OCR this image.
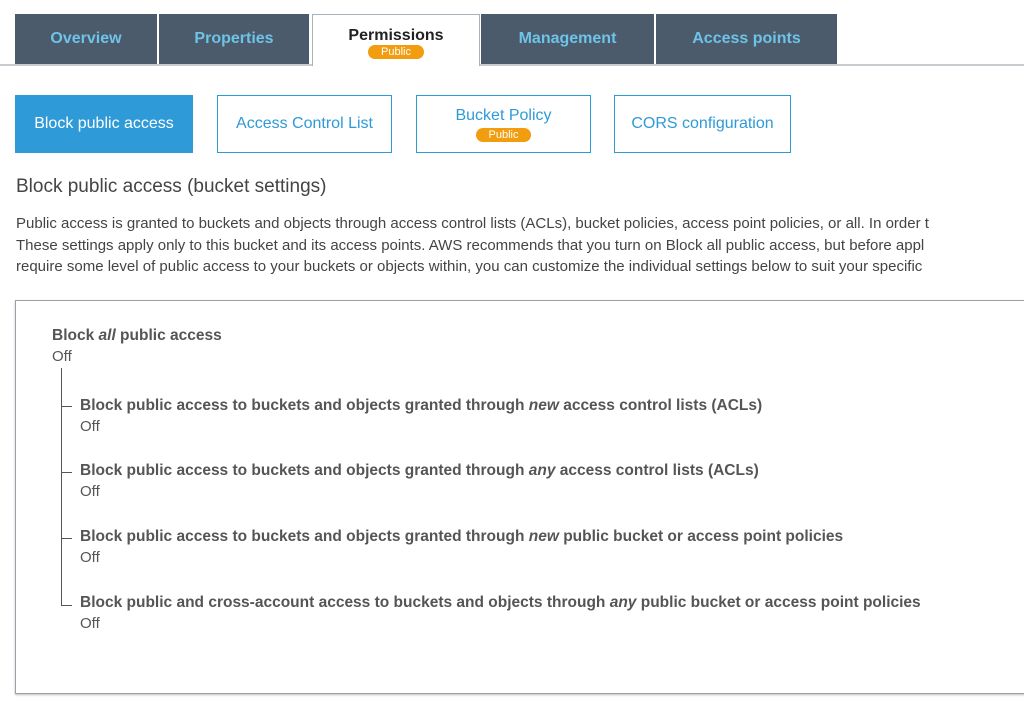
Overview	Properties	Permissions
Public
Management	Access points
Block public access	Access Control List	Bucket Policy
Public
CORS configuration
Block public access (bucket settings)
Public access is granted to buckets and objects through access control lists (ACLs), bucket policies, access point policies, or all. In order t
These settings apply only to this bucket and its access points. AWS recommends that you turn on Block all public access, but before appl
require some level of public access to your buckets or objects within, you can customize the individual settings below to suit your specific
Block all public access
Off
Block public access to buckets and objects granted through new access control lists (ACLs)
Off
Block public access to buckets and objects granted through any access control lists (ACLs)
Off
Block public access to buckets and objects granted through new public bucket or access point policies
Off
Block public and cross-account access to buckets and objects through any public bucket or access point policies
Off
